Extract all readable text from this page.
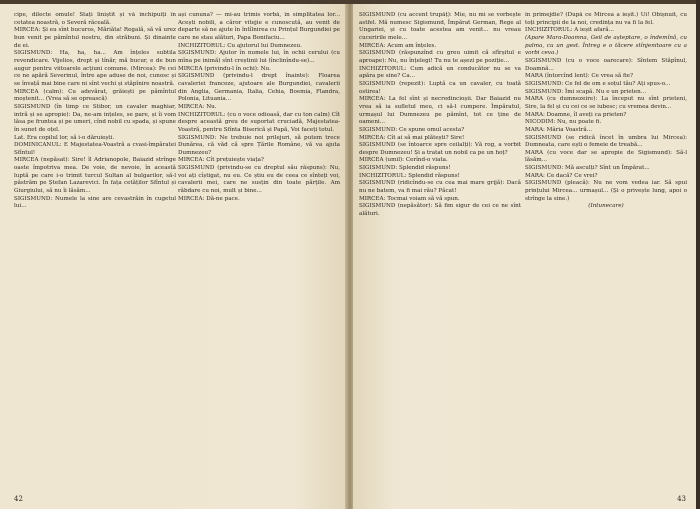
cipe, dilecte omule! Stați liniștit și vă închipuiți în cetatea noastră, o Severă răceală.

MIRCEA: Și eu sînt bucuros, Măriăta! Regală, să vă urez bun venit pe pămîntul nostru, din străbuni. Și dinainte de ei.

SIGISMUND: Ha, ha, ha... Am înțeles subtila revendicare. Vijelios, drept și tînăr, mă bucur, e de bun augur pentru viitoarele acțiuni comune. (Mircea): Pe cei ce ne apără Severinul, între ape aduse de noi, cunosc și se învață mai bine care ni sînt vechi și stăpînire noastră.

MIRCEA (calm): Cu adevărat, grăiești pe pămîntul moștenit... (Vrea să se oprească)

SIGISMUND (în timp ce Stibor, un cavaler maghiar, intră și se apropie): Da, ne-am ințeles, se pare, și îi vom lăsa pe fruntea și pe umeri, cînd nobil cu spada, și spune în sunet de oțel.

Lat. Era copilul lor, să i-o dăruiești.

DOMINICANUL: E Majestatea-Voastră a cvasi-împăratei Sfîntul!

MIRCEA (nepăsat): Sire! îl Adrianopole, Baiazid strînge oaste împotriva mea. De voie, de nevoie, în această luptă pe care i-o trimit turcul Sultan al bulgarilor, să-l păstrăm pe Ștefan Lazarevici. În fața cetăților Sfîntul și Giurgiului, să nu îi lăsăm...

SIGISMUND: Numele la sine are cevastrăin în cugetul lui...

ași cununa? — mi-au trimis vorbă, în simplitatea lor... Acești nobili, a căror vitejie e cunoscută, au venit de departe să ne ajute în întîlnirea cu Prințul Burgundiei pe care ne stau alături, Papa Bonifaciu...

INCHIZITORUL: Cu ajutorul lui Dumnezeu.

SIGISMUND: Ajutor în numele lui, în ochii cerului (cu mîna pe inimă) sînt creștinii lui (înclinîndu-se)...

MIRCEA (privindu-l în ochi): Nu.

SIGISMUND (privindu-l drept înainte): Floarea cavaleriei franceze, ajutoare ale Burgundiei, cavalerii din Anglia, Germania, Italia, Cehia, Boemia, Flandra, Polonia, Lituania...

MIRCEA: Nu.

INCHIZITORUL: (cu o voce odioasă, dar cu ton calm) Cît despre această greu de suportat cruciadă, Majestatea-Voastră, pentru Sfînta Biserică și Papă, Voi faceți totul.

SIGISMUND: Ne trebuie noi prilejuri, să putem trece Dunărea, că văd că spre Țările Române, vă va ajuta Dumnezeu?

MIRCEA: Cît prețuiește viața?

SIGISMUND (privindu-se cu dreptul său răspuns): Nu, voi ați cîștigat, nu eu. Ce știu eu de ceea ce sînteți voi, cavalerii mei, care ne susțin din toate părțile. Am răbdare cu noi, mult și bine...

MIRCEA: Dă-ne pace.

42

SIGISMUND (cu accent trupăț): Mie, nu mi se vorbește astfel. Mă numesc Sigismund, Împărat German, Rege al Ungariei, și cu toate acestea am venit... nu vreau cuceririle mele...

MIRCEA: Acum am înțeles.

SIGISMUND (răspunzînd cu greu uimit că sfîrșitul e aproape): Nu, nu înțelegi! Tu nu te așezi pe poziție...

INCHIZITORUL: Cum adică un conducător nu se va apăra pe sine? Ca...

SIGISMUND (repezit): Luptă ca un cavaler, cu toată ostirea!

MIRCEA: La fel sînt și necredincioșii. Dar Baiazid nu vrea să ia sufletul meu, ci să-l cumpere. Împăratul, urmașul lui Dumnezeu pe pămînt, tot ce ține de oameni...

SIGISMUND: Ce spune omul acesta?

MIRCEA: Cît ai să mai plătești? Sire!

SIGISMUND (se întoarce spre ceilalți): Vă rog, a vorbit despre Dumnezeu! Și a tratat un nobil ca pe un hoț?

MIRCEA (umil): Cerînd-o viata.

SIGISMUND: Splendid răspuns!

INCHIZITORUL: Splendid răspuns!

SIGISMUND (ridicîndu-se cu cea mai mare grijă): Dacă nu ne batem, va fi mai rău? Păcat!

MIRCEA: Tocmai voiam să vă spun.

SIGISMUND (nepăsător): Să fim sigur de cei ce ne sînt alături.

în primejdie? (După ce Mircea a ieșit.) Ui! Obișnuit, cu toți principii de la noi, credința nu va fi la fel.

INCHIZITORUL: A ieșit afară...

(Apare Mara-Doamna, Geil de așteptare, o îndemînă, cu palma, cu un gest. Întreg e o tăcere stînjenitoare cu a vorbi ceva.)

SIGISMUND (cu o voce oarecare): Sîntem Stăpînul, Doamnă...

MARA (întorcînd lent): Ce vrea să fie?

SIGISMUND: Ce fel de om e soțul tău? Ați spus-o...

SIGISMUND: Îmi scapă. Nu e un prieten...

MARA (cu dumnezeire): La început nu sînt prieteni, Sire, la fel și cu cei ce se iubesc; cu vremea devin...

MARA: Doamne, îl aveți ca prieten?

NICODIM: Nu, nu poate fi.

MARA: Mâria Voastră...

SIGISMUND (se ridică încet în umbra lui Mircea): Dumneata, care ești o femeie de treabă...

MARA (cu voce dar se apropie de Sigismund): Să-l lăsăm...

SIGISMUND: Mă asculți? Sînt un Împărat...

MARA: Ce dacă? Ce vrei?

SIGISMUND (pleacă): Nu ne vom vedea iar. Să spui prințului Mircea... urmașul... (Și o privește lung, apoi o strînge la sine.)

(Intunecare)

43
